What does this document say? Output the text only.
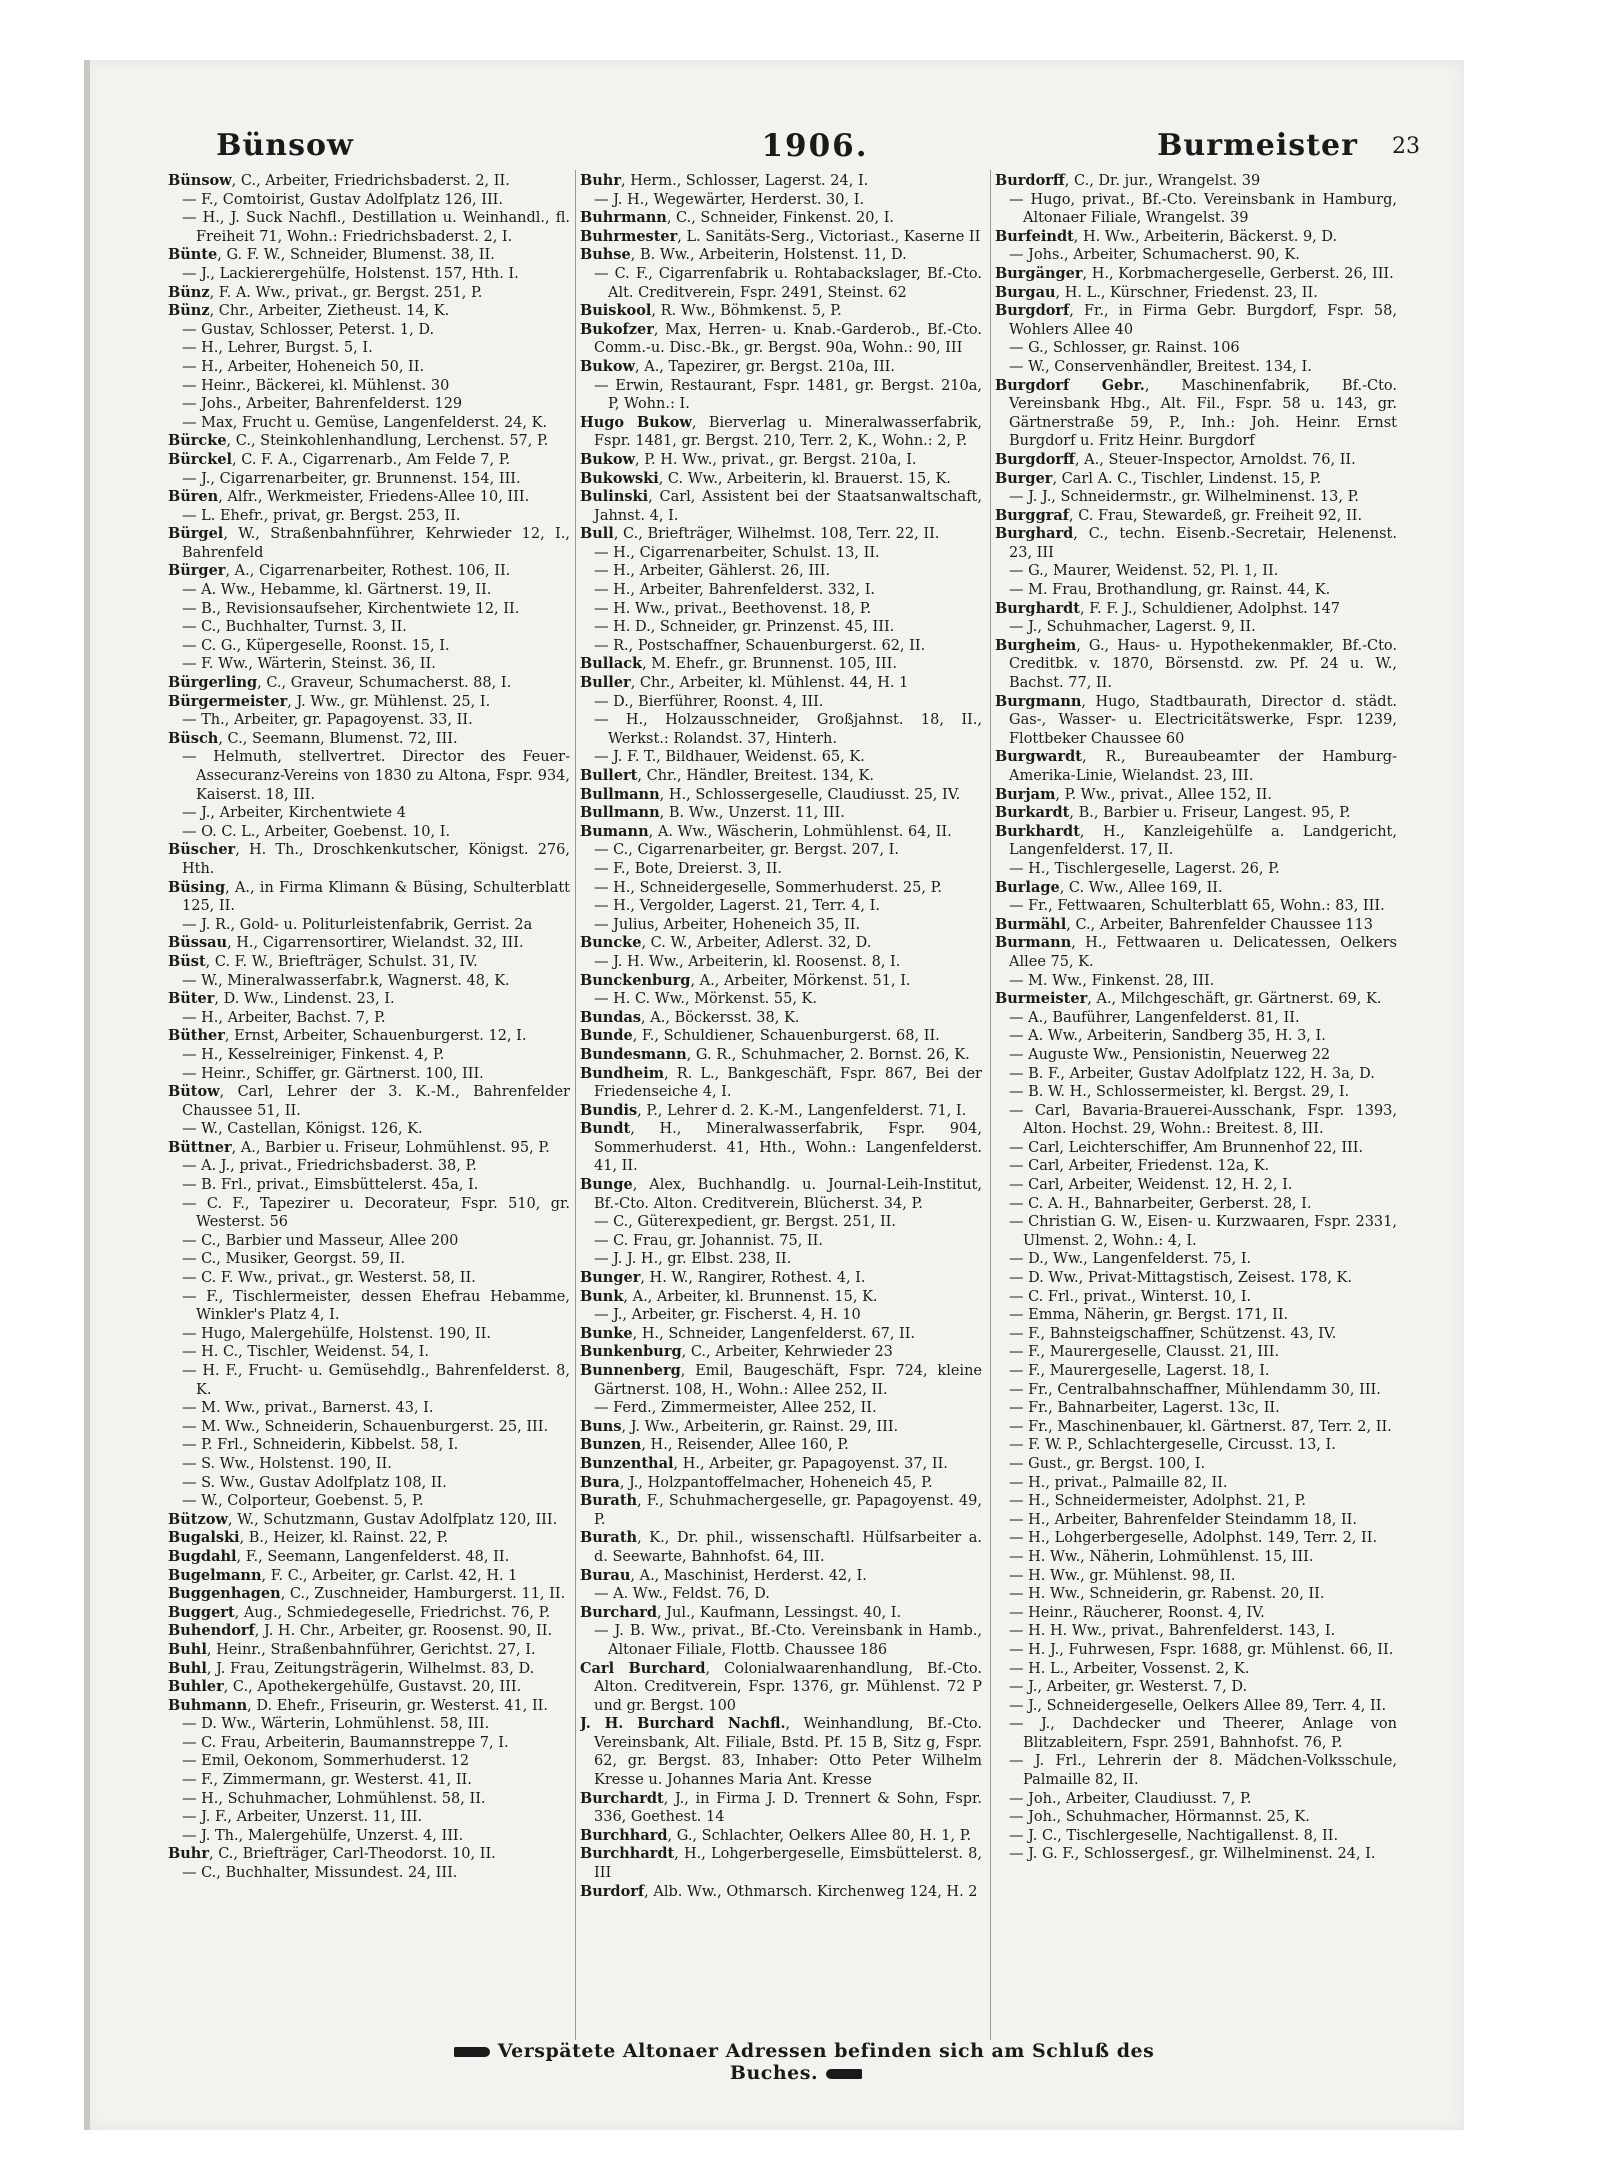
Bünsow	1906.	Burmeister	23

Bünsow, C., Arbeiter, Friedrichsbaderst. 2, II.

— F., Comtoirist, Gustav Adolfplatz 126, III.

— H., J. Suck Nachfl., Destillation u. Weinhandl., fl. Freiheit 71, Wohn.: Friedrichsbaderst. 2, I.

Bünte, G. F. W., Schneider, Blumenst. 38, II.

— J., Lackierergehülfe, Holstenst. 157, Hth. I.

Bünz, F. A. Ww., privat., gr. Bergst. 251, P.

Bünz, Chr., Arbeiter, Zietheust. 14, K.

— Gustav, Schlosser, Peterst. 1, D.

— H., Lehrer, Burgst. 5, I.

— H., Arbeiter, Hoheneich 50, II.

— Heinr., Bäckerei, kl. Mühlenst. 30

— Johs., Arbeiter, Bahrenfelderst. 129

— Max, Frucht u. Gemüse, Langenfelderst. 24, K.

Bürcke, C., Steinkohlenhandlung, Lerchenst. 57, P.

Bürckel, C. F. A., Cigarrenarb., Am Felde 7, P.

— J., Cigarrenarbeiter, gr. Brunnenst. 154, III.

Büren, Alfr., Werkmeister, Friedens-Allee 10, III.

— L. Ehefr., privat, gr. Bergst. 253, II.

Bürgel, W., Straßenbahnführer, Kehrwieder 12, I., Bahrenfeld

Bürger, A., Cigarrenarbeiter, Rothest. 106, II.

— A. Ww., Hebamme, kl. Gärtnerst. 19, II.

— B., Revisionsaufseher, Kirchentwiete 12, II.

— C., Buchhalter, Turnst. 3, II.

— C. G., Küpergeselle, Roonst. 15, I.

— F. Ww., Wärterin, Steinst. 36, II.

Bürgerling, C., Graveur, Schumacherst. 88, I.

Bürgermeister, J. Ww., gr. Mühlenst. 25, I.

— Th., Arbeiter, gr. Papagoyenst. 33, II.

Büsch, C., Seemann, Blumenst. 72, III.

— Helmuth, stellvertret. Director des Feuer-Assecuranz-Vereins von 1830 zu Altona, Fspr. 934, Kaiserst. 18, III.

— J., Arbeiter, Kirchentwiete 4

— O. C. L., Arbeiter, Goebenst. 10, I.

Büscher, H. Th., Droschkenkutscher, Königst. 276, Hth.

Büsing, A., in Firma Klimann & Büsing, Schulterblatt 125, II.

— J. R., Gold- u. Politurleistenfabrik, Gerrist. 2a

Büssau, H., Cigarrensortirer, Wielandst. 32, III.

Büst, C. F. W., Briefträger, Schulst. 31, IV.

— W., Mineralwasserfabr.k, Wagnerst. 48, K.

Büter, D. Ww., Lindenst. 23, I.

— H., Arbeiter, Bachst. 7, P.

Büther, Ernst, Arbeiter, Schauenburgerst. 12, I.

— H., Kesselreiniger, Finkenst. 4, P.

— Heinr., Schiffer, gr. Gärtnerst. 100, III.

Bütow, Carl, Lehrer der 3. K.-M., Bahrenfelder Chaussee 51, II.

— W., Castellan, Königst. 126, K.

Büttner, A., Barbier u. Friseur, Lohmühlenst. 95, P.

— A. J., privat., Friedrichsbaderst. 38, P.

— B. Frl., privat., Eimsbüttelerst. 45a, I.

— C. F., Tapezirer u. Decorateur, Fspr. 510, gr. Westerst. 56

— C., Barbier und Masseur, Allee 200

— C., Musiker, Georgst. 59, II.

— C. F. Ww., privat., gr. Westerst. 58, II.

— F., Tischlermeister, dessen Ehefrau Hebamme, Winkler's Platz 4, I.

— Hugo, Malergehülfe, Holstenst. 190, II.

— H. C., Tischler, Weidenst. 54, I.

— H. F., Frucht- u. Gemüsehdlg., Bahrenfelderst. 8, K.

— M. Ww., privat., Barnerst. 43, I.

— M. Ww., Schneiderin, Schauenburgerst. 25, III.

— P. Frl., Schneiderin, Kibbelst. 58, I.

— S. Ww., Holstenst. 190, II.

— S. Ww., Gustav Adolfplatz 108, II.

— W., Colporteur, Goebenst. 5, P.

Bützow, W., Schutzmann, Gustav Adolfplatz 120, III.

Bugalski, B., Heizer, kl. Rainst. 22, P.

Bugdahl, F., Seemann, Langenfelderst. 48, II.

Bugelmann, F. C., Arbeiter, gr. Carlst. 42, H. 1

Buggenhagen, C., Zuschneider, Hamburgerst. 11, II.

Buggert, Aug., Schmiedegeselle, Friedrichst. 76, P.

Buhendorf, J. H. Chr., Arbeiter, gr. Roosenst. 90, II.

Buhl, Heinr., Straßenbahnführer, Gerichtst. 27, I.

Buhl, J. Frau, Zeitungsträgerin, Wilhelmst. 83, D.

Buhler, C., Apothekergehülfe, Gustavst. 20, III.

Buhmann, D. Ehefr., Friseurin, gr. Westerst. 41, II.

— D. Ww., Wärterin, Lohmühlenst. 58, III.

— C. Frau, Arbeiterin, Baumannstreppe 7, I.

— Emil, Oekonom, Sommerhuderst. 12

— F., Zimmermann, gr. Westerst. 41, II.

— H., Schuhmacher, Lohmühlenst. 58, II.

— J. F., Arbeiter, Unzerst. 11, III.

— J. Th., Malergehülfe, Unzerst. 4, III.

Buhr, C., Briefträger, Carl-Theodorst. 10, II.

— C., Buchhalter, Missundest. 24, III.

Buhr, Herm., Schlosser, Lagerst. 24, I.

— J. H., Wegewärter, Herderst. 30, I.

Buhrmann, C., Schneider, Finkenst. 20, I.

Buhrmester, L. Sanitäts-Serg., Victoriast., Kaserne II

Buhse, B. Ww., Arbeiterin, Holstenst. 11, D.

— C. F., Cigarrenfabrik u. Rohtabackslager, Bf.-Cto. Alt. Creditverein, Fspr. 2491, Steinst. 62

Buiskool, R. Ww., Böhmkenst. 5, P.

Bukofzer, Max, Herren- u. Knab.-Garderob., Bf.-Cto. Comm.-u. Disc.-Bk., gr. Bergst. 90a, Wohn.: 90, III

Bukow, A., Tapezirer, gr. Bergst. 210a, III.

— Erwin, Restaurant, Fspr. 1481, gr. Bergst. 210a, P, Wohn.: I.

Hugo Bukow, Bierverlag u. Mineralwasserfabrik, Fspr. 1481, gr. Bergst. 210, Terr. 2, K., Wohn.: 2, P.

Bukow, P. H. Ww., privat., gr. Bergst. 210a, I.

Bukowski, C. Ww., Arbeiterin, kl. Brauerst. 15, K.

Bulinski, Carl, Assistent bei der Staatsanwaltschaft, Jahnst. 4, I.

Bull, C., Briefträger, Wilhelmst. 108, Terr. 22, II.

— H., Cigarrenarbeiter, Schulst. 13, II.

— H., Arbeiter, Gählerst. 26, III.

— H., Arbeiter, Bahrenfelderst. 332, I.

— H. Ww., privat., Beethovenst. 18, P.

— H. D., Schneider, gr. Prinzenst. 45, III.

— R., Postschaffner, Schauenburgerst. 62, II.

Bullack, M. Ehefr., gr. Brunnenst. 105, III.

Buller, Chr., Arbeiter, kl. Mühlenst. 44, H. 1

— D., Bierführer, Roonst. 4, III.

— H., Holzausschneider, Großjahnst. 18, II., Werkst.: Rolandst. 37, Hinterh.

— J. F. T., Bildhauer, Weidenst. 65, K.

Bullert, Chr., Händler, Breitest. 134, K.

Bullmann, H., Schlossergeselle, Claudiusst. 25, IV.

Bullmann, B. Ww., Unzerst. 11, III.

Bumann, A. Ww., Wäscherin, Lohmühlenst. 64, II.

— C., Cigarrenarbeiter, gr. Bergst. 207, I.

— F., Bote, Dreierst. 3, II.

— H., Schneidergeselle, Sommerhuderst. 25, P.

— H., Vergolder, Lagerst. 21, Terr. 4, I.

— Julius, Arbeiter, Hoheneich 35, II.

Buncke, C. W., Arbeiter, Adlerst. 32, D.

— J. H. Ww., Arbeiterin, kl. Roosenst. 8, I.

Bunckenburg, A., Arbeiter, Mörkenst. 51, I.

— H. C. Ww., Mörkenst. 55, K.

Bundas, A., Böckersst. 38, K.

Bunde, F., Schuldiener, Schauenburgerst. 68, II.

Bundesmann, G. R., Schuhmacher, 2. Bornst. 26, K.

Bundheim, R. L., Bankgeschäft, Fspr. 867, Bei der Friedenseiche 4, I.

Bundis, P., Lehrer d. 2. K.-M., Langenfelderst. 71, I.

Bundt, H., Mineralwasserfabrik, Fspr. 904, Sommerhuderst. 41, Hth., Wohn.: Langenfelderst. 41, II.

Bunge, Alex, Buchhandlg. u. Journal-Leih-Institut, Bf.-Cto. Alton. Creditverein, Blücherst. 34, P.

— C., Güterexpedient, gr. Bergst. 251, II.

— C. Frau, gr. Johannist. 75, II.

— J. J. H., gr. Elbst. 238, II.

Bunger, H. W., Rangirer, Rothest. 4, I.

Bunk, A., Arbeiter, kl. Brunnenst. 15, K.

— J., Arbeiter, gr. Fischerst. 4, H. 10

Bunke, H., Schneider, Langenfelderst. 67, II.

Bunkenburg, C., Arbeiter, Kehrwieder 23

Bunnenberg, Emil, Baugeschäft, Fspr. 724, kleine Gärtnerst. 108, H., Wohn.: Allee 252, II.

— Ferd., Zimmermeister, Allee 252, II.

Buns, J. Ww., Arbeiterin, gr. Rainst. 29, III.

Bunzen, H., Reisender, Allee 160, P.

Bunzenthal, H., Arbeiter, gr. Papagoyenst. 37, II.

Bura, J., Holzpantoffelmacher, Hoheneich 45, P.

Burath, F., Schuhmachergeselle, gr. Papagoyenst. 49, P.

Burath, K., Dr. phil., wissenschaftl. Hülfsarbeiter a. d. Seewarte, Bahnhofst. 64, III.

Burau, A., Maschinist, Herderst. 42, I.

— A. Ww., Feldst. 76, D.

Burchard, Jul., Kaufmann, Lessingst. 40, I.

— J. B. Ww., privat., Bf.-Cto. Vereinsbank in Hamb., Altonaer Filiale, Flottb. Chaussee 186

Carl Burchard, Colonialwaarenhandlung, Bf.-Cto. Alton. Creditverein, Fspr. 1376, gr. Mühlenst. 72 P und gr. Bergst. 100

J. H. Burchard Nachfl., Weinhandlung, Bf.-Cto. Vereinsbank, Alt. Filiale, Bstd. Pf. 15 B, Sitz g, Fspr. 62, gr. Bergst. 83, Inhaber: Otto Peter Wilhelm Kresse u. Johannes Maria Ant. Kresse

Burchardt, J., in Firma J. D. Trennert & Sohn, Fspr. 336, Goethest. 14

Burchhard, G., Schlachter, Oelkers Allee 80, H. 1, P.

Burchhardt, H., Lohgerbergeselle, Eimsbüttelerst. 8, III

Burdorf, Alb. Ww., Othmarsch. Kirchenweg 124, H. 2

Burdorff, C., Dr. jur., Wrangelst. 39

— Hugo, privat., Bf.-Cto. Vereinsbank in Hamburg, Altonaer Filiale, Wrangelst. 39

Burfeindt, H. Ww., Arbeiterin, Bäckerst. 9, D.

— Johs., Arbeiter, Schumacherst. 90, K.

Burgänger, H., Korbmachergeselle, Gerberst. 26, III.

Burgau, H. L., Kürschner, Friedenst. 23, II.

Burgdorf, Fr., in Firma Gebr. Burgdorf, Fspr. 58, Wohlers Allee 40

— G., Schlosser, gr. Rainst. 106

— W., Conservenhändler, Breitest. 134, I.

Burgdorf Gebr., Maschinenfabrik, Bf.-Cto. Vereinsbank Hbg., Alt. Fil., Fspr. 58 u. 143, gr. Gärtnerstraße 59, P., Inh.: Joh. Heinr. Ernst Burgdorf u. Fritz Heinr. Burgdorf

Burgdorff, A., Steuer-Inspector, Arnoldst. 76, II.

Burger, Carl A. C., Tischler, Lindenst. 15, P.

— J. J., Schneidermstr., gr. Wilhelminenst. 13, P.

Burggraf, C. Frau, Stewardeß, gr. Freiheit 92, II.

Burghard, C., techn. Eisenb.-Secretair, Helenenst. 23, III

— G., Maurer, Weidenst. 52, Pl. 1, II.

— M. Frau, Brothandlung, gr. Rainst. 44, K.

Burghardt, F. F. J., Schuldiener, Adolphst. 147

— J., Schuhmacher, Lagerst. 9, II.

Burgheim, G., Haus- u. Hypothekenmakler, Bf.-Cto. Creditbk. v. 1870, Börsenstd. zw. Pf. 24 u. W., Bachst. 77, II.

Burgmann, Hugo, Stadtbaurath, Director d. städt. Gas-, Wasser- u. Electricitätswerke, Fspr. 1239, Flottbeker Chaussee 60

Burgwardt, R., Bureaubeamter der Hamburg-Amerika-Linie, Wielandst. 23, III.

Burjam, P. Ww., privat., Allee 152, II.

Burkardt, B., Barbier u. Friseur, Langest. 95, P.

Burkhardt, H., Kanzleigehülfe a. Landgericht, Langenfelderst. 17, II.

— H., Tischlergeselle, Lagerst. 26, P.

Burlage, C. Ww., Allee 169, II.

— Fr., Fettwaaren, Schulterblatt 65, Wohn.: 83, III.

Burmähl, C., Arbeiter, Bahrenfelder Chaussee 113

Burmann, H., Fettwaaren u. Delicatessen, Oelkers Allee 75, K.

— M. Ww., Finkenst. 28, III.

Burmeister, A., Milchgeschäft, gr. Gärtnerst. 69, K.

— A., Bauführer, Langenfelderst. 81, II.

— A. Ww., Arbeiterin, Sandberg 35, H. 3, I.

— Auguste Ww., Pensionistin, Neuerweg 22

— B. F., Arbeiter, Gustav Adolfplatz 122, H. 3a, D.

— B. W. H., Schlossermeister, kl. Bergst. 29, I.

— Carl, Bavaria-Brauerei-Ausschank, Fspr. 1393, Alton. Hochst. 29, Wohn.: Breitest. 8, III.

— Carl, Leichterschiffer, Am Brunnenhof 22, III.

— Carl, Arbeiter, Friedenst. 12a, K.

— Carl, Arbeiter, Weidenst. 12, H. 2, I.

— C. A. H., Bahnarbeiter, Gerberst. 28, I.

— Christian G. W., Eisen- u. Kurzwaaren, Fspr. 2331, Ulmenst. 2, Wohn.: 4, I.

— D., Ww., Langenfelderst. 75, I.

— D. Ww., Privat-Mittagstisch, Zeisest. 178, K.

— C. Frl., privat., Winterst. 10, I.

— Emma, Näherin, gr. Bergst. 171, II.

— F., Bahnsteigschaffner, Schützenst. 43, IV.

— F., Maurergeselle, Clausst. 21, III.

— F., Maurergeselle, Lagerst. 18, I.

— Fr., Centralbahnschaffner, Mühlendamm 30, III.

— Fr., Bahnarbeiter, Lagerst. 13c, II.

— Fr., Maschinenbauer, kl. Gärtnerst. 87, Terr. 2, II.

— F. W. P., Schlachtergeselle, Circusst. 13, I.

— Gust., gr. Bergst. 100, I.

— H., privat., Palmaille 82, II.

— H., Schneidermeister, Adolphst. 21, P.

— H., Arbeiter, Bahrenfelder Steindamm 18, II.

— H., Lohgerbergeselle, Adolphst. 149, Terr. 2, II.

— H. Ww., Näherin, Lohmühlenst. 15, III.

— H. Ww., gr. Mühlenst. 98, II.

— H. Ww., Schneiderin, gr. Rabenst. 20, II.

— Heinr., Räucherer, Roonst. 4, IV.

— H. H. Ww., privat., Bahrenfelderst. 143, I.

— H. J., Fuhrwesen, Fspr. 1688, gr. Mühlenst. 66, II.

— H. L., Arbeiter, Vossenst. 2, K.

— J., Arbeiter, gr. Westerst. 7, D.

— J., Schneidergeselle, Oelkers Allee 89, Terr. 4, II.

— J., Dachdecker und Theerer, Anlage von Blitzableitern, Fspr. 2591, Bahnhofst. 76, P.

— J. Frl., Lehrerin der 8. Mädchen-Volksschule, Palmaille 82, II.

— Joh., Arbeiter, Claudiusst. 7, P.

— Joh., Schuhmacher, Hörmannst. 25, K.

— J. C., Tischlergeselle, Nachtigallenst. 8, II.

— J. G. F., Schlossergesf., gr. Wilhelminenst. 24, I.

Verspätete Altonaer Adressen befinden sich am Schluß des Buches.
